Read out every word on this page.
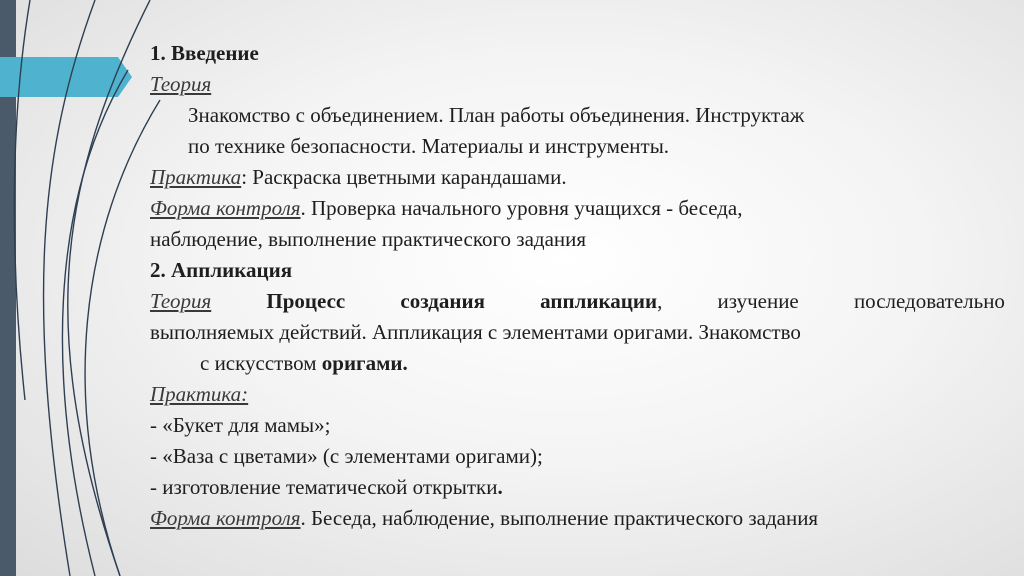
1. Введение
Теория
Знакомство с объединением. План работы объединения. Инструктаж
по технике безопасности. Материалы и инструменты.
Практика: Раскраска цветными карандашами.
Форма контроля. Проверка начального уровня учащихся - беседа,
наблюдение, выполнение практического задания
2. Аппликация
Теория	Процесс	создания	аппликации,	изучение	последовательно
выполняемых действий. Аппликация с элементами оригами. Знакомство
с искусством оригами.
Практика:
- «Букет для мамы»;
- «Ваза с цветами» (с элементами оригами);
- изготовление тематической открытки.
Форма контроля. Беседа, наблюдение, выполнение практического задания
